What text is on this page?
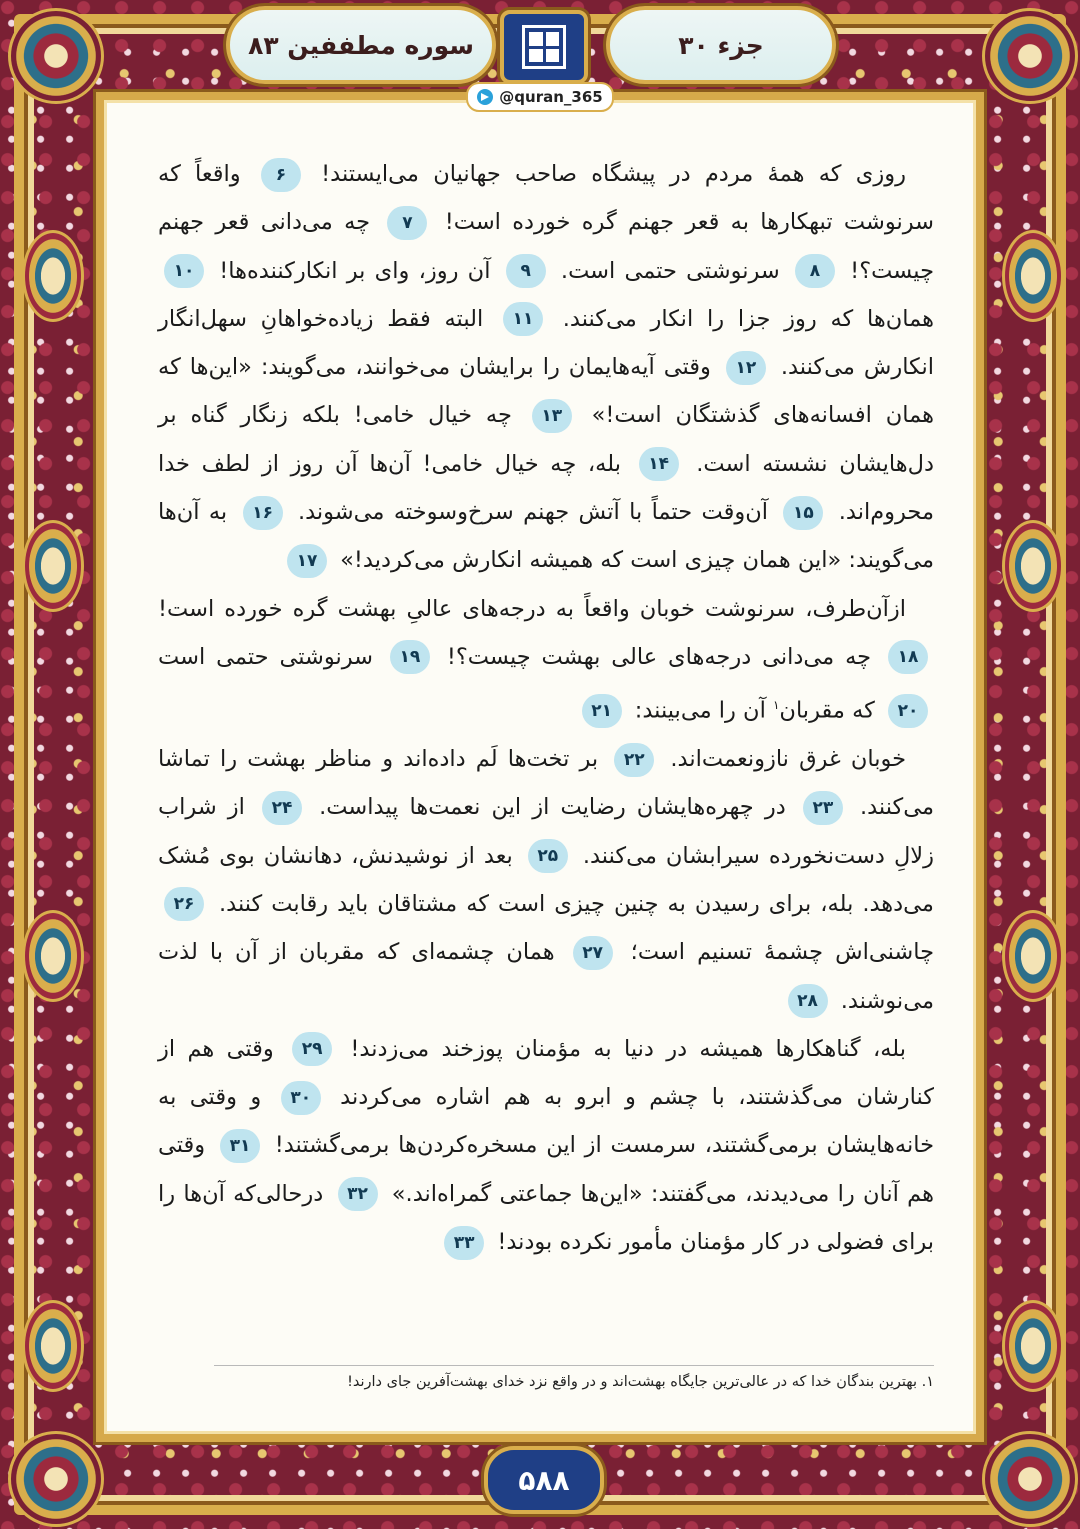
سوره مطففین ۸۳	جزء ۳۰
@quran_365

روزی که همهٔ مردم در پیشگاه صاحب جهانیان می‌ایستند! ۶ واقعاً که سرنوشت تبهکارها به قعر جهنم گره خورده است! ۷ چه می‌دانی قعر جهنم چیست؟! ۸ سرنوشتی حتمی است. ۹ آن روز، وای بر انکارکننده‌ها! ۱۰ همان‌ها که روز جزا را انکار می‌کنند. ۱۱ البته فقط زیاده‌خواهانِ سهل‌انگار انکارش می‌کنند. ۱۲ وقتی آیه‌هایمان را برایشان می‌خوانند، می‌گویند: «این‌ها که همان افسانه‌های گذشتگان است!» ۱۳ چه خیال خامی! بلکه زنگار گناه بر دل‌هایشان نشسته است. ۱۴ بله، چه خیال خامی! آن‌ها آن روز از لطف خدا محروم‌اند. ۱۵ آن‌وقت حتماً با آتش جهنم سرخ‌وسوخته می‌شوند. ۱۶ به آن‌ها می‌گویند: «این همان چیزی است که همیشه انکارش می‌کردید!» ۱۷

ازآن‌طرف، سرنوشت خوبان واقعاً به درجه‌های عالیِ بهشت گره خورده است! ۱۸ چه می‌دانی درجه‌های عالی بهشت چیست؟! ۱۹ سرنوشتی حتمی است ۲۰ که مقربان$^۱$ آن را می‌بینند: ۲۱

خوبان غرق نازونعمت‌اند. ۲۲ بر تخت‌ها لَم داده‌اند و مناظر بهشت را تماشا می‌کنند. ۲۳ در چهره‌هایشان رضایت از این نعمت‌ها پیداست. ۲۴ از شراب زلالِ دست‌نخورده سیرابشان می‌کنند. ۲۵ بعد از نوشیدنش، دهانشان بوی مُشک می‌دهد. بله، برای رسیدن به چنین چیزی است که مشتاقان باید رقابت کنند. ۲۶ چاشنی‌اش چشمهٔ تسنیم است؛ ۲۷ همان چشمه‌ای که مقربان از آن با لذت می‌نوشند. ۲۸

بله، گناهکارها همیشه در دنیا به مؤمنان پوزخند می‌زدند! ۲۹ وقتی هم از کنارشان می‌گذشتند، با چشم و ابرو به هم اشاره می‌کردند ۳۰ و وقتی به خانه‌هایشان برمی‌گشتند، سرمست از این مسخره‌کردن‌ها برمی‌گشتند! ۳۱ وقتی هم آنان را می‌دیدند، می‌گفتند: «این‌ها جماعتی گمراه‌اند.» ۳۲ درحالی‌که آن‌ها را برای فضولی در کار مؤمنان مأمور نکرده بودند! ۳۳

۱. بهترین بندگان خدا که در عالی‌ترین جایگاه بهشت‌اند و در واقع نزد خدای بهشت‌آفرین جای دارند!
۵۸۸
